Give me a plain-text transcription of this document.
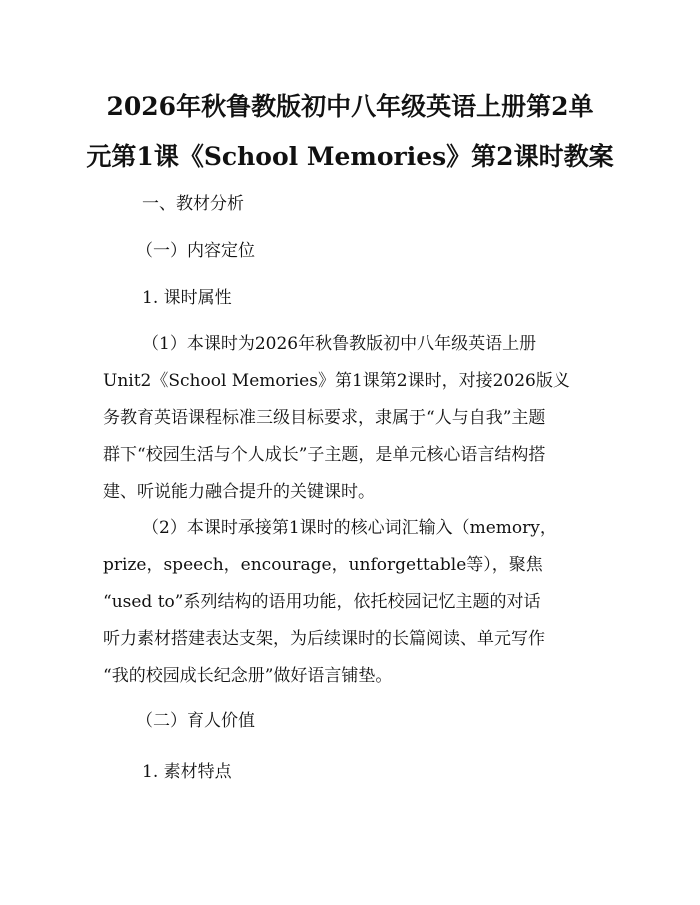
2026年秋鲁教版初中八年级英语上册第2单
元第1课《School Memories》第2课时教案
一、教材分析
（一）内容定位
1. 课时属性
（1）本课时为2026年秋鲁教版初中八年级英语上册
Unit2《School Memories》第1课第2课时，对接2026版义
务教育英语课程标准三级目标要求，隶属于“人与自我”主题
群下“校园生活与个人成长”子主题，是单元核心语言结构搭
建、听说能力融合提升的关键课时。
（2）本课时承接第1课时的核心词汇输入（memory，
prize，speech，encourage，unforgettable等），聚焦
“used to”系列结构的语用功能，依托校园记忆主题的对话
听力素材搭建表达支架，为后续课时的长篇阅读、单元写作
“我的校园成长纪念册”做好语言铺垫。
（二）育人价值
1. 素材特点
